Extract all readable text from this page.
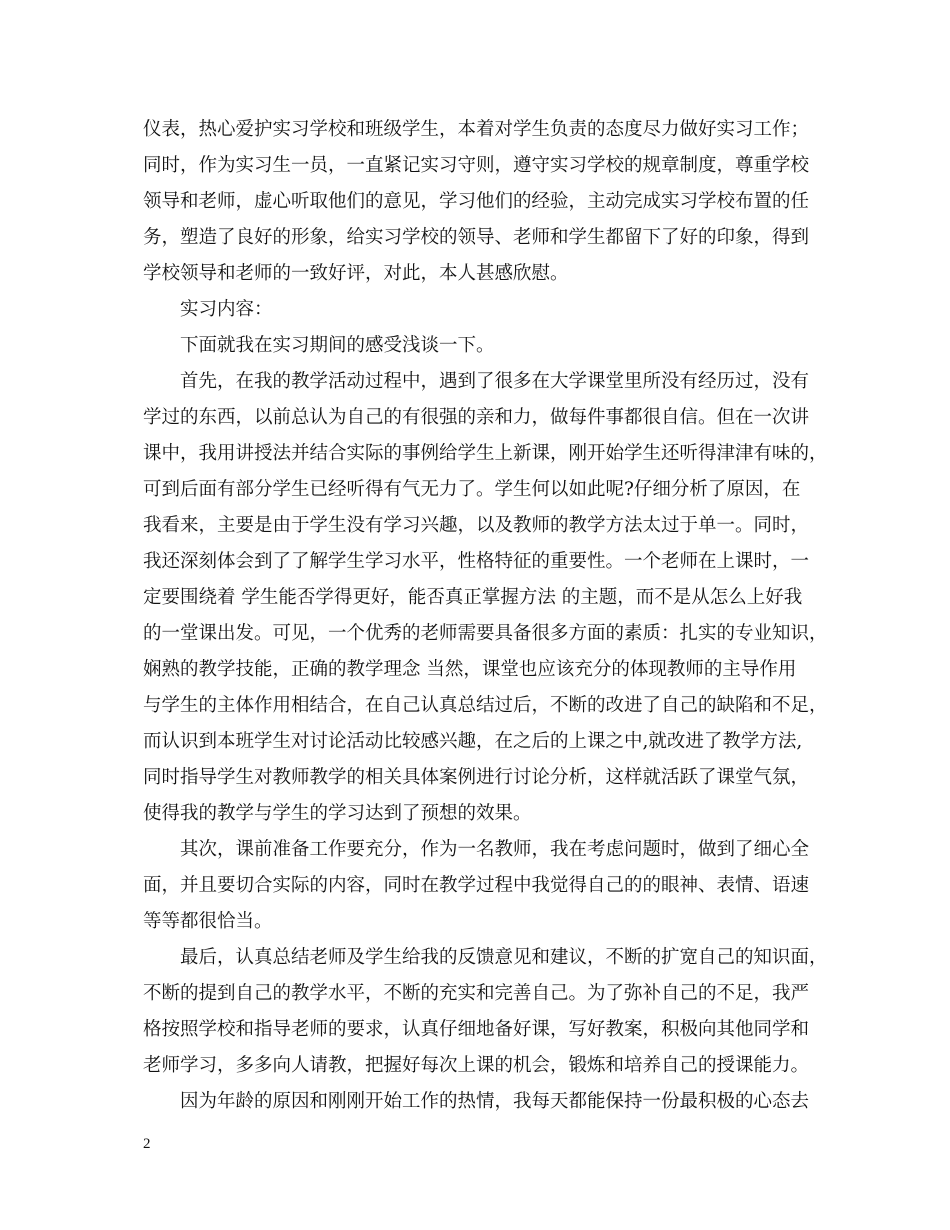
仪表，热心爱护实习学校和班级学生，本着对学生负责的态度尽力做好实习工作；
同时，作为实习生一员，一直紧记实习守则，遵守实习学校的规章制度，尊重学校
领导和老师，虚心听取他们的意见，学习他们的经验，主动完成实习学校布置的任
务，塑造了良好的形象，给实习学校的领导、老师和学生都留下了好的印象，得到
学校领导和老师的一致好评，对此，本人甚感欣慰。
实习内容：
下面就我在实习期间的感受浅谈一下。
首先，在我的教学活动过程中，遇到了很多在大学课堂里所没有经历过，没有
学过的东西，以前总认为自己的有很强的亲和力，做每件事都很自信。但在一次讲
课中，我用讲授法并结合实际的事例给学生上新课，刚开始学生还听得津津有味的，
可到后面有部分学生已经听得有气无力了。学生何以如此呢?仔细分析了原因，在
我看来，主要是由于学生没有学习兴趣，以及教师的教学方法太过于单一。同时，
我还深刻体会到了了解学生学习水平，性格特征的重要性。一个老师在上课时，一
定要围绕着 学生能否学得更好，能否真正掌握方法 的主题，而不是从怎么上好我
的一堂课出发。可见，一个优秀的老师需要具备很多方面的素质：扎实的专业知识，
娴熟的教学技能，正确的教学理念 当然，课堂也应该充分的体现教师的主导作用
与学生的主体作用相结合，在自己认真总结过后，不断的改进了自己的缺陷和不足，
而认识到本班学生对讨论活动比较感兴趣，在之后的上课之中,就改进了教学方法,
同时指导学生对教师教学的相关具体案例进行讨论分析，这样就活跃了课堂气氛，
使得我的教学与学生的学习达到了预想的效果。
其次，课前准备工作要充分，作为一名教师，我在考虑问题时，做到了细心全
面，并且要切合实际的内容，同时在教学过程中我觉得自己的的眼神、表情、语速
等等都很恰当。
最后，认真总结老师及学生给我的反馈意见和建议，不断的扩宽自己的知识面，
不断的提到自己的教学水平，不断的充实和完善自己。为了弥补自己的不足，我严
格按照学校和指导老师的要求，认真仔细地备好课，写好教案，积极向其他同学和
老师学习，多多向人请教，把握好每次上课的机会，锻炼和培养自己的授课能力。
因为年龄的原因和刚刚开始工作的热情，我每天都能保持一份最积极的心态去
2
